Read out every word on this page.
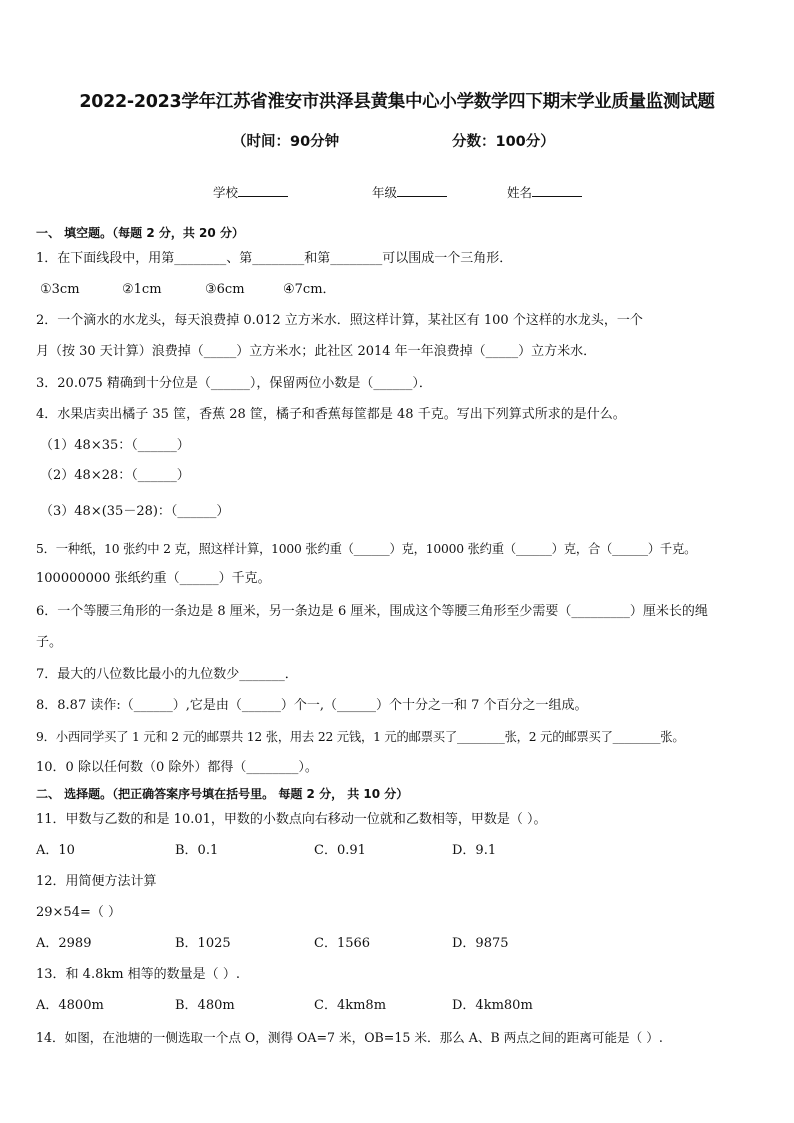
2022-2023学年江苏省淮安市洪泽县黄集中心小学数学四下期末学业质量监测试题
（时间：90分钟	分数：100分）
学校	年级	姓名
一、 填空题。（每题 2 分，共 20 分）
1．在下面线段中，用第________、第________和第________可以围成一个三角形．
①3cm	②1cm	③6cm	④7cm．
2．一个滴水的水龙头，每天浪费掉 0.012 立方米水．照这样计算，某社区有 100 个这样的水龙头，一个
月（按 30 天计算）浪费掉（_____）立方米水；此社区 2014 年一年浪费掉（_____）立方米水．
3．20.075 精确到十分位是（______），保留两位小数是（______）．
4．水果店卖出橘子 35 筐，香蕉 28 筐，橘子和香蕉每筐都是 48 千克。写出下列算式所求的是什么。
（1）48×35：（______）
（2）48×28：（______）
（3）48×(35－28)：（______）
5．一种纸，10 张约中 2 克，照这样计算，1000 张约重（______）克，10000 张约重（______）克，合（______）千克。
100000000 张纸约重（______）千克。
6．一个等腰三角形的一条边是 8 厘米，另一条边是 6 厘米，围成这个等腰三角形至少需要（_________）厘米长的绳
子。
7．最大的八位数比最小的九位数少_______．
8．8.87 读作:（______）,它是由（______）个一,（______）个十分之一和 7 个百分之一组成。
9．小西同学买了 1 元和 2 元的邮票共 12 张，用去 22 元钱，1 元的邮票买了________张，2 元的邮票买了________张。
10．0 除以任何数（0 除外）都得（________）。
二、 选择题。（把正确答案序号填在括号里。 每题 2 分， 共 10 分）
11．甲数与乙数的和是 10.01，甲数的小数点向右移动一位就和乙数相等，甲数是（ ）。
A．10	B．0.1	C．0.91	D．9.1
12．用简便方法计算
29×54=（ ）
A．2989	B．1025	C．1566	D．9875
13．和 4.8km 相等的数量是（ ）.
A．4800m	B．480m	C．4km8m	D．4km80m
14．如图，在池塘的一侧选取一个点 O，测得 OA=7 米，OB=15 米．那么 A、B 两点之间的距离可能是（ ）.
